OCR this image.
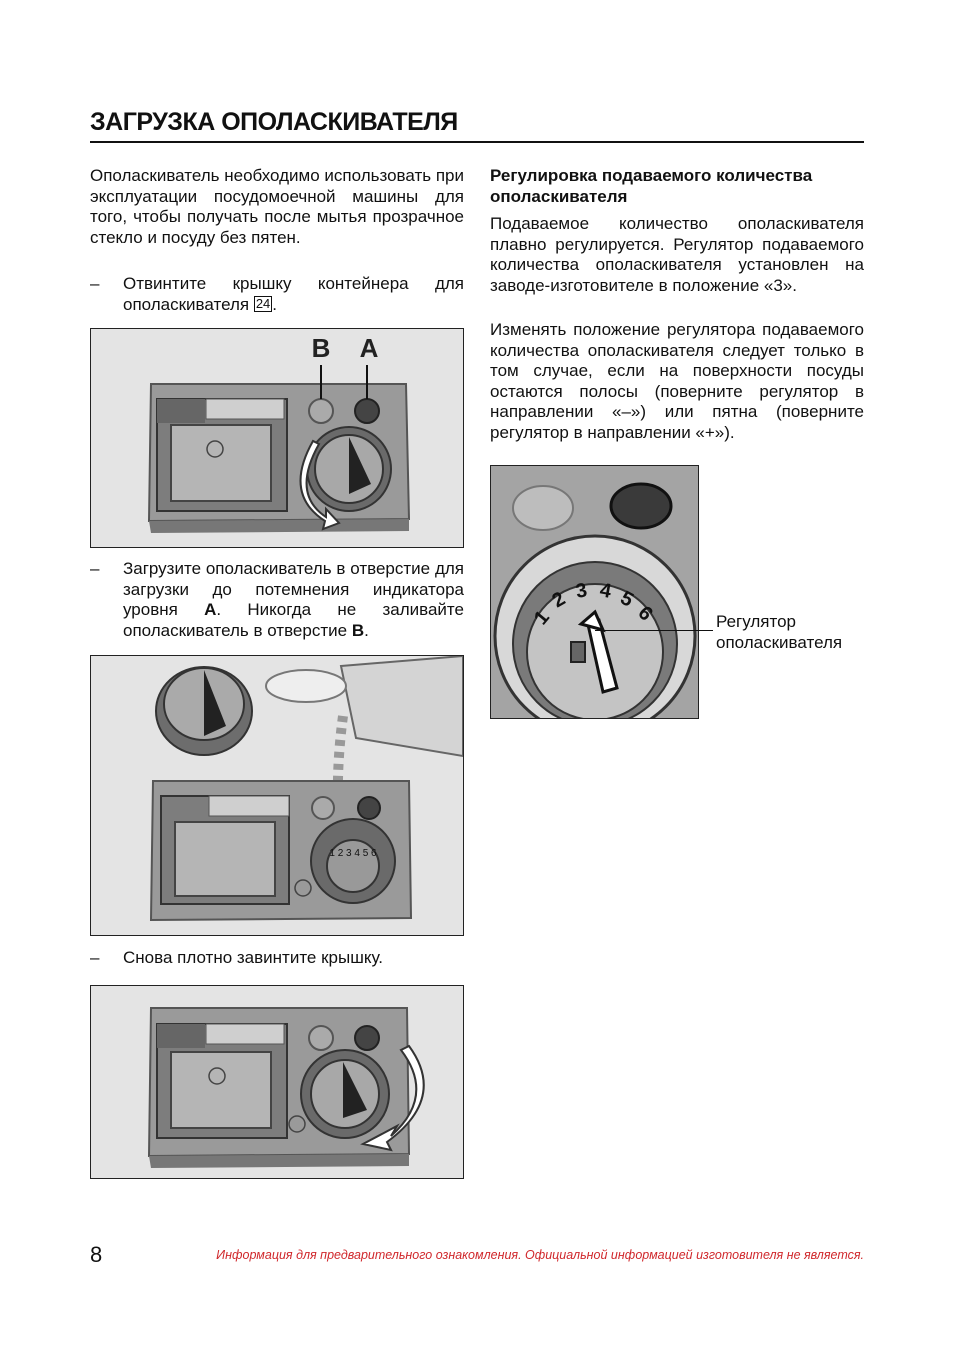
ЗАГРУЗКА ОПОЛАСКИВАТЕЛЯ

Ополаскиватель необходимо использовать при эксплуатации посудомоечной машины для того, чтобы получать после мытья прозрачное стекло и посуду без пятен.

– Отвинтите крышку контейнера для ополаскивателя 24 .

B A

– Загрузите ополаскиватель в отверстие для загрузки до потемнения индикатора уровня A. Никогда не заливайте ополаскиватель в отверстие B.

1 2 3 4 5 6

– Снова плотно завинтите крышку.

Регулировка подаваемого количества ополаскивателя

Подаваемое количество ополаскивателя плавно регулируется. Регулятор подаваемого количества ополаскивателя установлен на заводе-изготовителе в положение «3».

Изменять положение регулятора подаваемого количества ополаскивателя следует только в том случае, если на поверхности посуды остаются полосы (поверните регулятор в направлении «–») или пятна (поверните регулятор в направлении «+»).

1
2 3 4 5
6	Регулятор ополаскивателя

8	Информация для предварительного ознакомления. Официальной информацией изготовителя не является.
